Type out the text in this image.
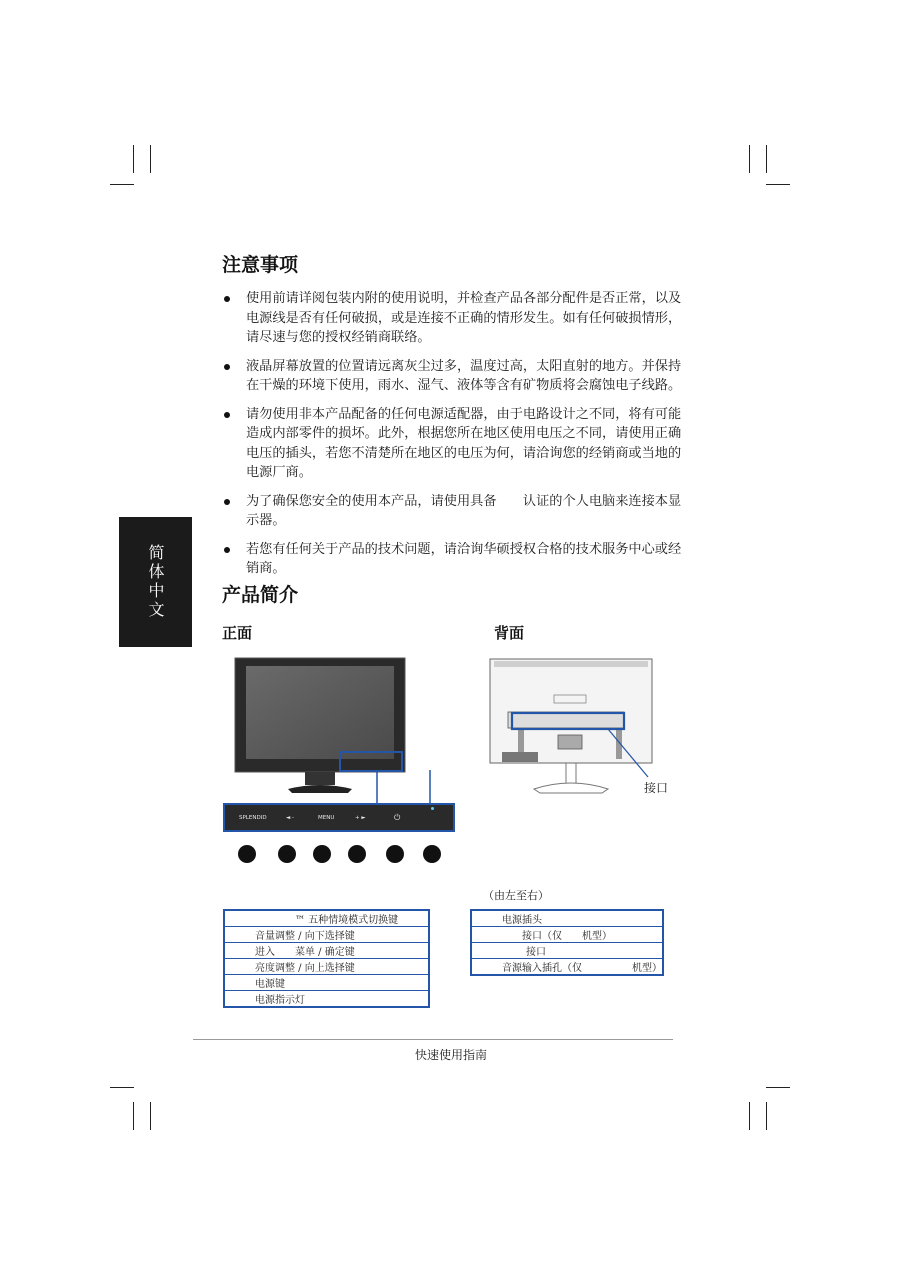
注意事项
使用前请详阅包装内附的使用说明，并检查产品各部分配件是否正常，以及电源线是否有任何破损，或是连接不正确的情形发生。如有任何破损情形，请尽速与您的授权经销商联络。
液晶屏幕放置的位置请远离灰尘过多，温度过高，太阳直射的地方。并保持在干燥的环境下使用，雨水、湿气、液体等含有矿物质将会腐蚀电子线路。
请勿使用非本产品配备的任何电源适配器，由于电路设计之不同，将有可能造成内部零件的损坏。此外，根据您所在地区使用电压之不同，请使用正确电压的插头，若您不清楚所在地区的电压为何，请洽询您的经销商或当地的电源厂商。
为了确保您安全的使用本产品，请使用具备　　认证的个人电脑来连接本显示器。
若您有任何关于产品的技术问题，请洽询华硕授权合格的技术服务中心或经销商。
简体中文	产品简介
正面	背面
SPLENDID	◄ -	MENU	+ ►	⏻
接口
（由左至右）
™ 五种情境模式切换键
音量调整 / 向下选择键
进入　　菜单 / 确定键
亮度调整 / 向上选择键
电源键
电源指示灯
电源插头
接口（仅　　机型）
接口
音源输入插孔（仅　　　　　机型）
快速使用指南
